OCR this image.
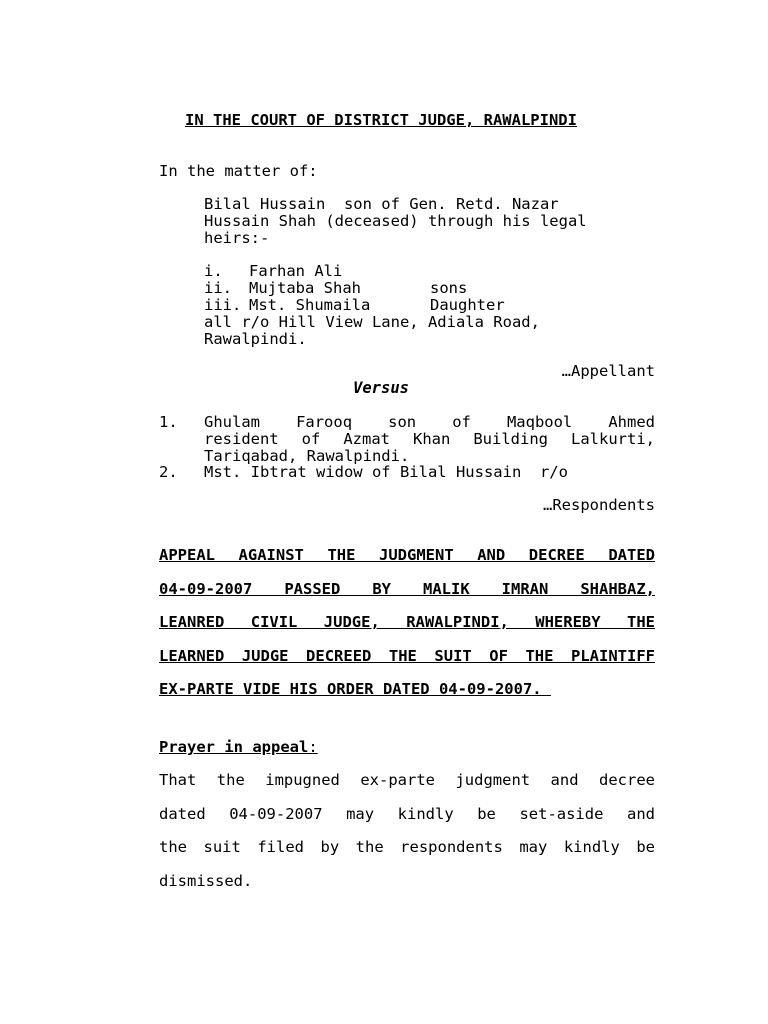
IN THE COURT OF DISTRICT JUDGE, RAWALPINDI
In the matter of:
Bilal Hussain  son of Gen. Retd. Nazar
Hussain Shah (deceased) through his legal
heirs:-
i. Farhan Ali
ii. Mujtaba Shah	sons
iii. Mst. Shumaila	Daughter
all r/o Hill View Lane, Adiala Road,
Rawalpindi.
…Appellant
Versus
1. Ghulam Farooq son of Maqbool Ahmed
resident of Azmat Khan Building Lalkurti,
Tariqabad, Rawalpindi.
2. Mst. Ibtrat widow of Bilal Hussain  r/o
…Respondents
APPEAL AGAINST THE JUDGMENT AND DECREE DATED
04-09-2007 PASSED BY MALIK IMRAN SHAHBAZ,
LEANRED CIVIL JUDGE, RAWALPINDI, WHEREBY THE
LEARNED JUDGE DECREED THE SUIT OF THE PLAINTIFF
EX-PARTE VIDE HIS ORDER DATED 04-09-2007.
Prayer in appeal:
That the impugned ex-parte judgment and decree
dated 04-09-2007 may kindly be set-aside and
the suit filed by the respondents may kindly be
dismissed.
